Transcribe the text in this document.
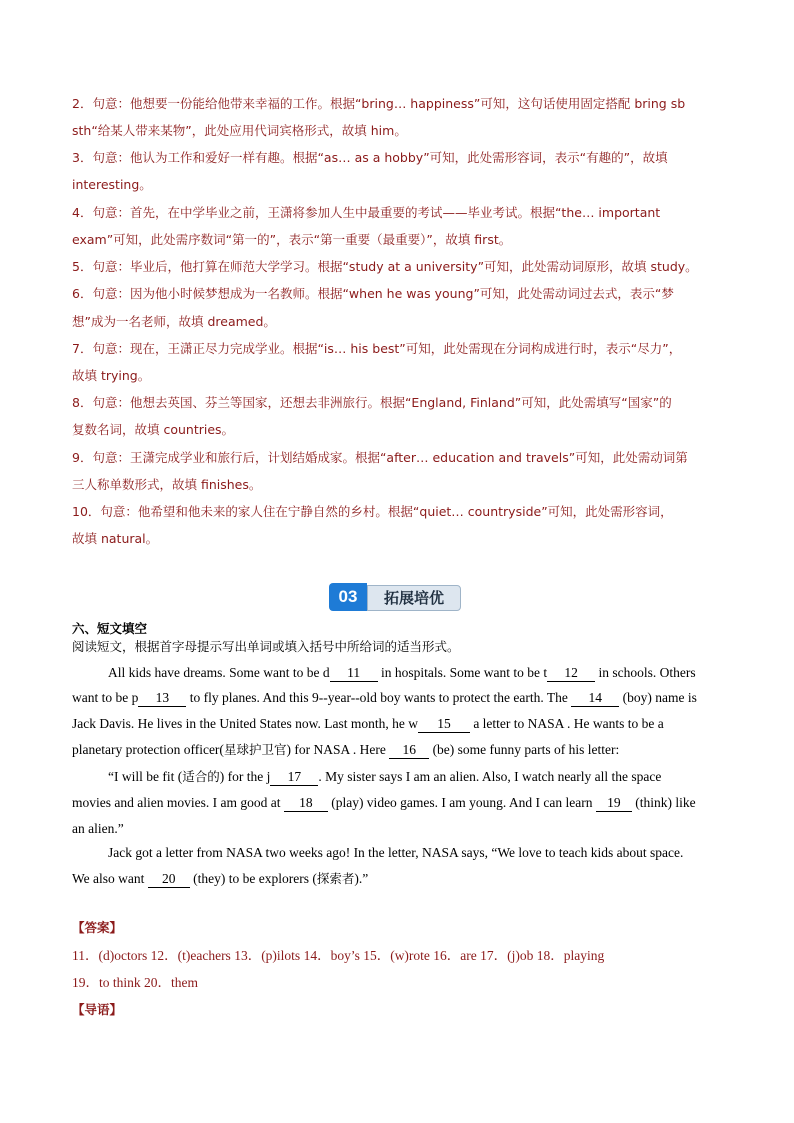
2．句意：他想要一份能给他带来幸福的工作。根据“bring… happiness”可知，这句话使用固定搭配 bring sb
sth“给某人带来某物”，此处应用代词宾格形式，故填 him。
3．句意：他认为工作和爱好一样有趣。根据“as… as a hobby”可知，此处需形容词，表示“有趣的”，故填
interesting。
4．句意：首先，在中学毕业之前，王潇将参加人生中最重要的考试——毕业考试。根据“the… important
exam”可知，此处需序数词“第一的”，表示“第一重要（最重要）”，故填 first。
5．句意：毕业后，他打算在师范大学学习。根据“study at a university”可知，此处需动词原形，故填 study。
6．句意：因为他小时候梦想成为一名教师。根据“when he was young”可知，此处需动词过去式，表示“梦
想”成为一名老师，故填 dreamed。
7．句意：现在，王潇正尽力完成学业。根据“is… his best”可知，此处需现在分词构成进行时，表示“尽力”，
故填 trying。
8．句意：他想去英国、芬兰等国家，还想去非洲旅行。根据“England, Finland”可知，此处需填写“国家”的
复数名词，故填 countries。
9．句意：王潇完成学业和旅行后，计划结婚成家。根据“after… education and travels”可知，此处需动词第
三人称单数形式，故填 finishes。
10．句意：他希望和他未来的家人住在宁静自然的乡村。根据“quiet… countryside”可知，此处需形容词，
故填 natural。
03	拓展培优
六、短文填空
阅读短文，根据首字母提示写出单词或填入括号中所给词的适当形式。
All kids have dreams. Some want to be d 11 in hospitals. Some want to be t 12 in schools. Others
want to be p 13 to fly planes. And this 9--year--old boy wants to protect the earth. The 14 (boy) name is
Jack Davis. He lives in the United States now. Last month, he w 15 a letter to NASA . He wants to be a
planetary protection officer(星球护卫官) for NASA . Here 16 (be) some funny parts of his letter:
“I will be fit (适合的) for the j 17 . My sister says I am an alien. Also, I watch nearly all the space
movies and alien movies. I am good at 18 (play) video games. I am young. And I can learn 19 (think) like
an alien.”
Jack got a letter from NASA two weeks ago! In the letter, NASA says, “We love to teach kids about space.
We also want 20 (they) to be explorers (探索者).”
【答案】
11．(d)octors 12．(t)eachers 13．(p)ilots 14．boy’s 15．(w)rote 16．are 17．(j)ob 18．playing
19．to think 20．them
【导语】
